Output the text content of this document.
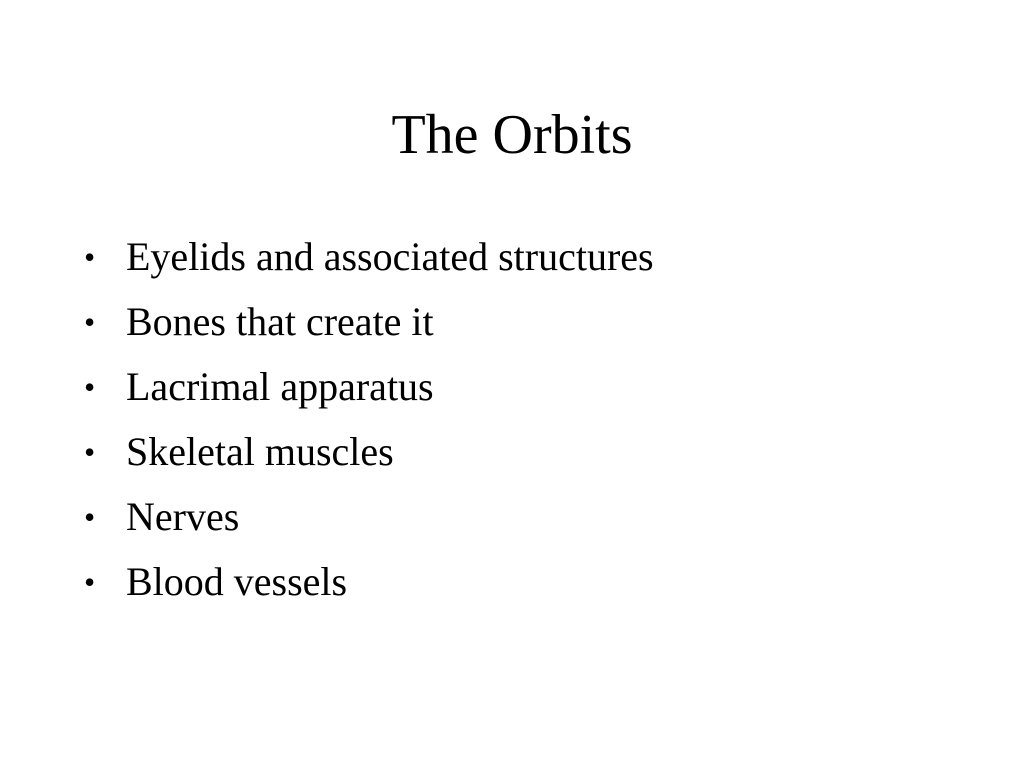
The Orbits
• Eyelids and associated structures
• Bones that create it
• Lacrimal apparatus
• Skeletal muscles
• Nerves
• Blood vessels
